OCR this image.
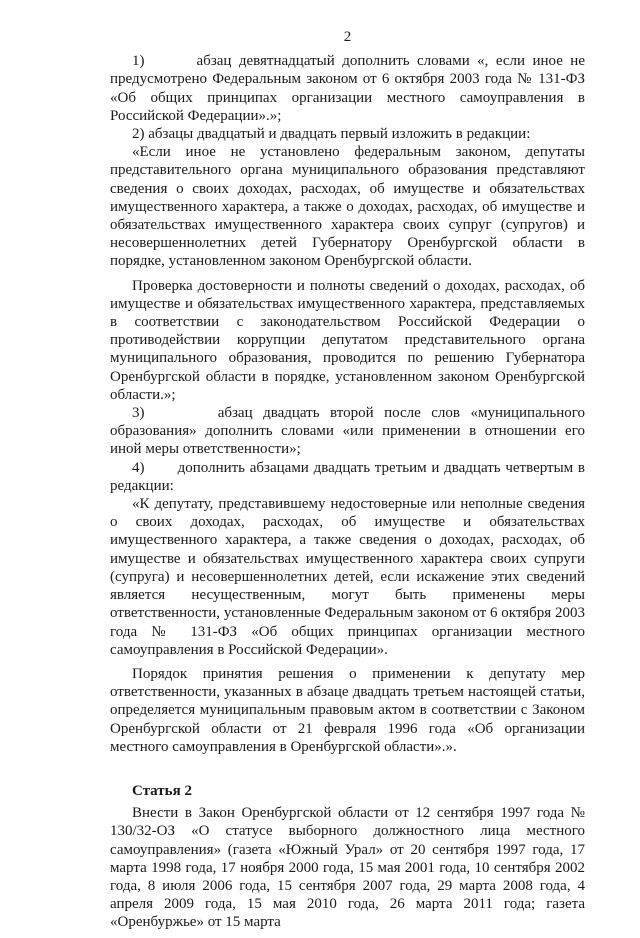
2

1)       абзац девятнадцатый дополнить словами «, если иное не предусмотрено Федеральным законом от 6 октября 2003 года № 131-ФЗ «Об общих принципах организации местного самоуправления в Российской Федерации».»;

2) абзацы двадцатый и двадцать первый изложить в редакции:

«Если иное не установлено федеральным законом, депутаты представительного органа муниципального образования представляют сведения о своих доходах, расходах, об имуществе и обязательствах имущественного характера, а также о доходах, расходах, об имуществе и обязательствах имущественного характера своих супруг (супругов) и несовершеннолетних детей Губернатору Оренбургской области в порядке, установленном законом Оренбургской области.

Проверка достоверности и полноты сведений о доходах, расходах, об имуществе и обязательствах имущественного характера, представляемых в соответствии с законодательством Российской Федерации о противодействии коррупции депутатом представительного органа муниципального образования, проводится по решению Губернатора Оренбургской области в порядке, установленном законом Оренбургской области.»;

3)       абзац двадцать второй после слов «муниципального образования» дополнить словами «или применении в отношении его иной меры ответственности»;

4)       дополнить абзацами двадцать третьим и двадцать четвертым в редакции:

«К депутату, представившему недостоверные или неполные сведения о своих доходах, расходах, об имуществе и обязательствах имущественного характера, а также сведения о доходах, расходах, об имуществе и обязательствах имущественного характера своих супруги (супруга) и несовершеннолетних детей, если искажение этих сведений является несущественным, могут быть применены меры ответственности, установленные Федеральным законом от 6 октября 2003 года № 131-ФЗ «Об общих принципах организации местного самоуправления в Российской Федерации».

Порядок принятия решения о применении к депутату мер ответственности, указанных в абзаце двадцать третьем настоящей статьи, определяется муниципальным правовым актом в соответствии с Законом Оренбургской области от 21 февраля 1996 года «Об организации местного самоуправления в Оренбургской области».».

Статья 2

Внести в Закон Оренбургской области от 12 сентября 1997 года № 130/32-ОЗ «О статусе выборного должностного лица местного самоуправления» (газета «Южный Урал» от 20 сентября 1997 года, 17 марта 1998 года, 17 ноября 2000 года, 15 мая 2001 года, 10 сентября 2002 года, 8 июля 2006 года, 15 сентября 2007 года, 29 марта 2008 года, 4 апреля 2009 года, 15 мая 2010 года, 26 марта 2011 года; газета «Оренбуржье» от 15 марта
